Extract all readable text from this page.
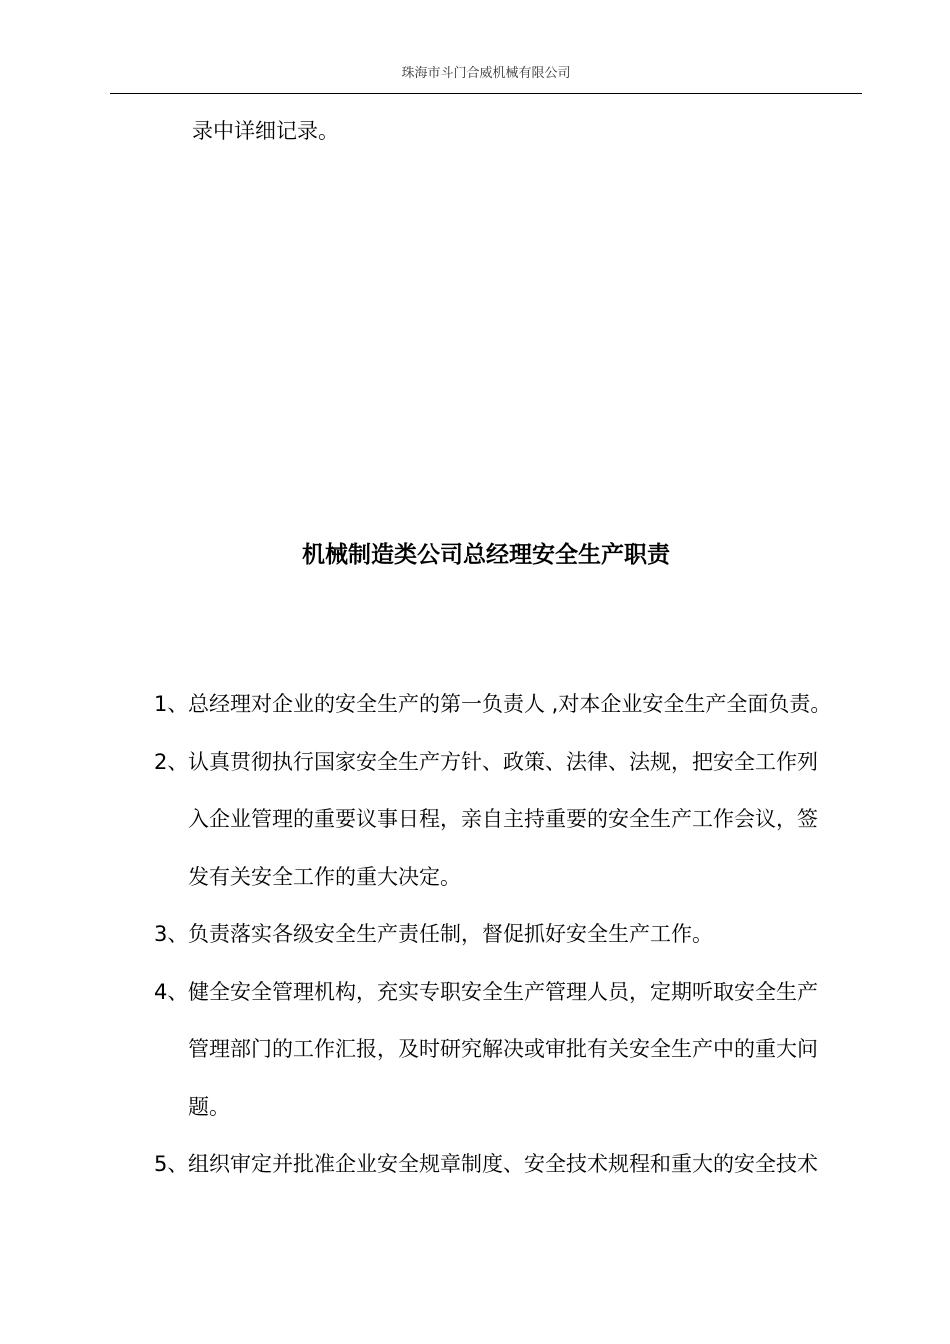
珠海市斗门合威机械有限公司
录中详细记录。
机械制造类公司总经理安全生产职责
1、 总经理对企业的安全生产的第一负责人 ,对本企业安全生产全面负责。
2、 认真贯彻执行国家安全生产方针、政策、法律、法规，把安全工作列
入企业管理的重要议事日程，亲自主持重要的安全生产工作会议，签
发有关安全工作的重大决定。
3、 负责落实各级安全生产责任制，督促抓好安全生产工作。
4、 健全安全管理机构，充实专职安全生产管理人员，定期听取安全生产
管理部门的工作汇报，及时研究解决或审批有关安全生产中的重大问
题。
5、 组织审定并批准企业安全规章制度、安全技术规程和重大的安全技术
